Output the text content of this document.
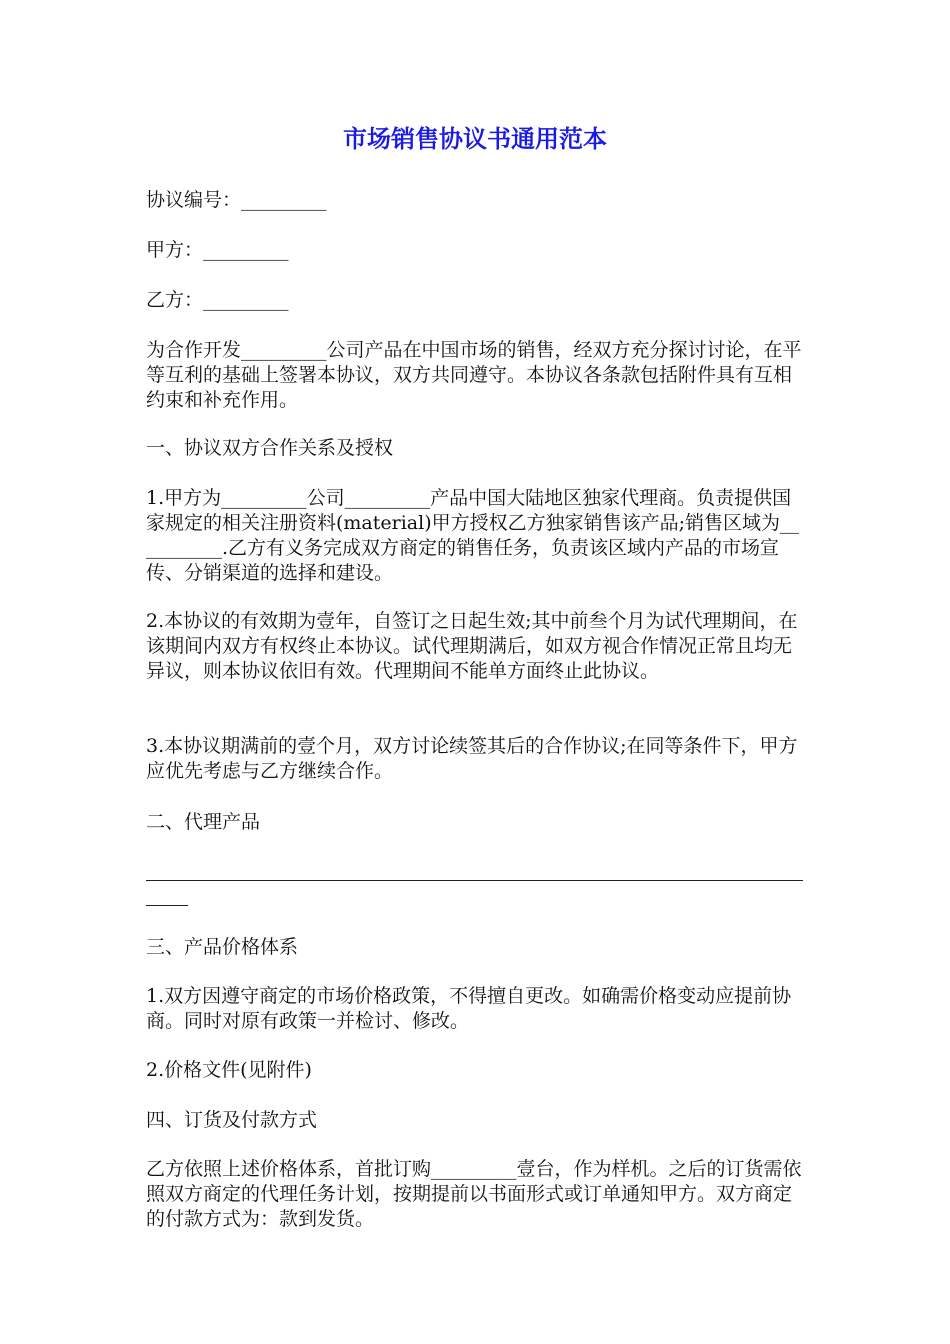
市场销售协议书通用范本

协议编号：_________

甲方：_________

乙方：_________

为合作开发_________公司产品在中国市场的销售，经双方充分探讨讨论，在平等互利的基础上签署本协议，双方共同遵守。本协议各条款包括附件具有互相约束和补充作用。

一、协议双方合作关系及授权

1.甲方为_________公司_________产品中国大陆地区独家代理商。负责提供国家规定的相关注册资料(material)甲方授权乙方独家销售该产品;销售区域为__________.乙方有义务完成双方商定的销售任务，负责该区域内产品的市场宣传、分销渠道的选择和建设。

2.本协议的有效期为壹年，自签订之日起生效;其中前叁个月为试代理期间，在该期间内双方有权终止本协议。试代理期满后，如双方视合作情况正常且均无异议，则本协议依旧有效。代理期间不能单方面终止此协议。

3.本协议期满前的壹个月，双方讨论续签其后的合作协议;在同等条件下，甲方应优先考虑与乙方继续合作。

二、代理产品

三、产品价格体系

1.双方因遵守商定的市场价格政策，不得擅自更改。如确需价格变动应提前协商。同时对原有政策一并检讨、修改。

2.价格文件(见附件)

四、订货及付款方式

乙方依照上述价格体系，首批订购_________壹台，作为样机。之后的订货需依照双方商定的代理任务计划，按期提前以书面形式或订单通知甲方。双方商定的付款方式为：款到发货。
